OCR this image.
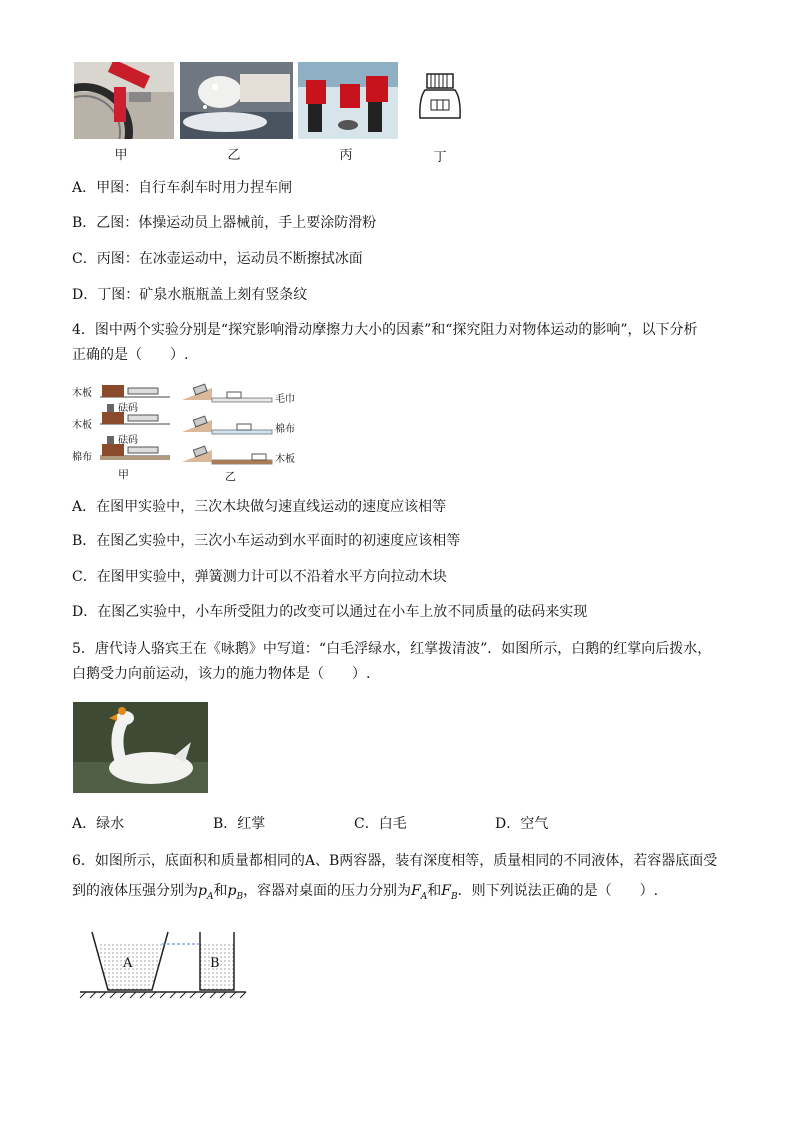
甲	乙	丙	丁
A．甲图：自行车刹车时用力捏车闸
B．乙图：体操运动员上器械前，手上要涂防滑粉
C．丙图：在冰壶运动中，运动员不断擦拭冰面
D．丁图：矿泉水瓶瓶盖上刻有竖条纹
4．图中两个实验分别是“探究影响滑动摩擦力大小的因素”和“探究阻力对物体运动的影响”，以下分析
正确的是（　　）.
木板
砝码
木板
砝码
棉布
毛巾
棉布
木板
甲	乙
A．在图甲实验中，三次木块做匀速直线运动的速度应该相等
B．在图乙实验中，三次小车运动到水平面时的初速度应该相等
C．在图甲实验中，弹簧测力计可以不沿着水平方向拉动木块
D．在图乙实验中，小车所受阻力的改变可以通过在小车上放不同质量的砝码来实现
5．唐代诗人骆宾王在《咏鹅》中写道：“白毛浮绿水，红掌拨清波”．如图所示，白鹅的红掌向后拨水，
白鹅受力向前运动，该力的施力物体是（　　）.
A．绿水	B．红掌	C．白毛	D．空气
6．如图所示，底面积和质量都相同的A、B两容器，装有深度相等，质量相同的不同液体，若容器底面受
到的液体压强分别为$p_A$和$p_B$，容器对桌面的压力分别为$F_A$和$F_B$．则下列说法正确的是（　　）.
A	B
